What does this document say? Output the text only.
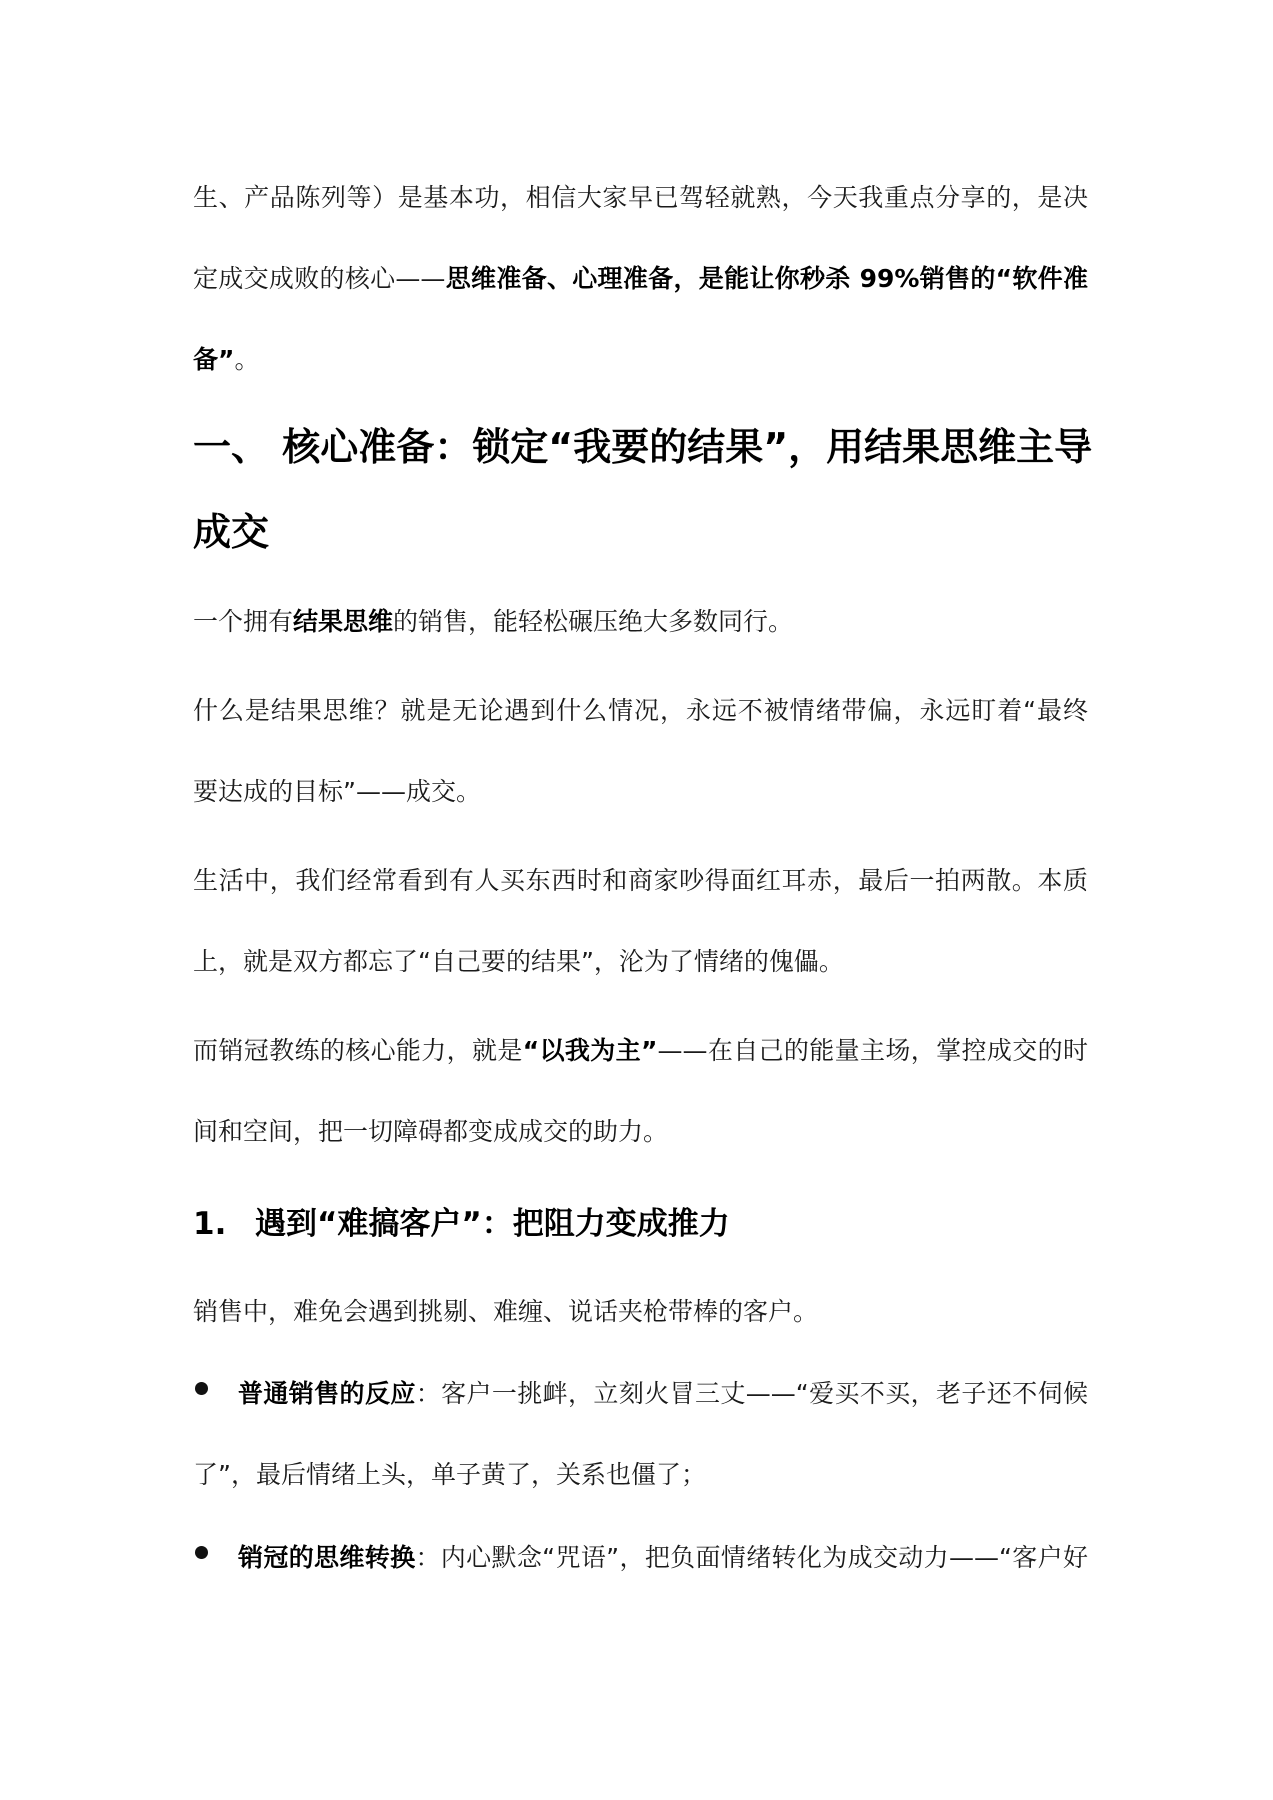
生、产品陈列等）是基本功，相信大家早已驾轻就熟，今天我重点分享的，是决

定成交成败的核心——思维准备、心理准备，是能让你秒杀 99%销售的“软件准

备”。

一、 核心准备：锁定“我要的结果”，用结果思维主导
成交

一个拥有结果思维的销售，能轻松碾压绝大多数同行。

什么是结果思维？就是无论遇到什么情况，永远不被情绪带偏，永远盯着“最终

要达成的目标”——成交。

生活中，我们经常看到有人买东西时和商家吵得面红耳赤，最后一拍两散。本质

上，就是双方都忘了“自己要的结果”，沦为了情绪的傀儡。

而销冠教练的核心能力，就是“以我为主”——在自己的能量主场，掌控成交的时

间和空间，把一切障碍都变成成交的助力。

1. 遇到“难搞客户”：把阻力变成推力

销售中，难免会遇到挑剔、难缠、说话夹枪带棒的客户。

普通销售的反应：客户一挑衅，立刻火冒三丈——“爱买不买，老子还不伺候

了”，最后情绪上头，单子黄了，关系也僵了；

销冠的思维转换：内心默念“咒语”，把负面情绪转化为成交动力——“客户好
